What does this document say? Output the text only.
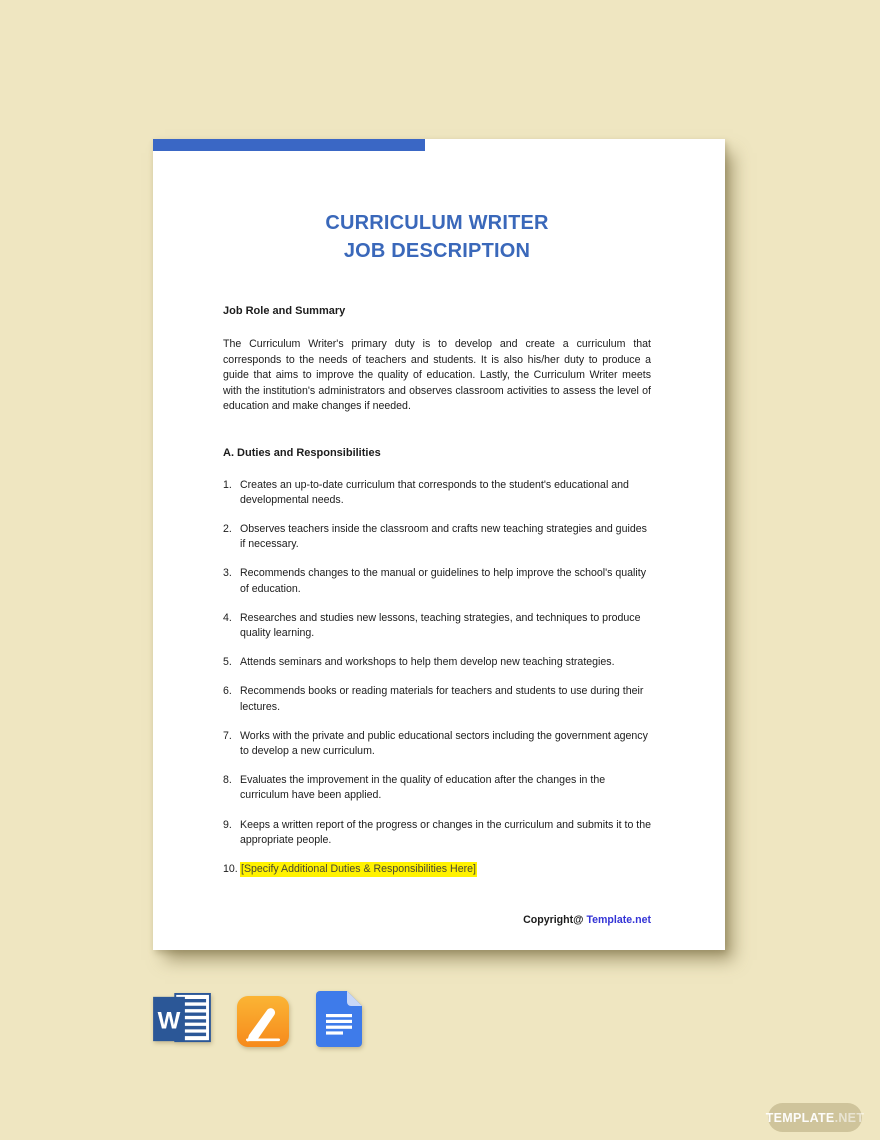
CURRICULUM WRITER
JOB DESCRIPTION
Job Role and Summary
The Curriculum Writer's primary duty is to develop and create a curriculum that corresponds to the needs of teachers and students. It is also his/her duty to produce a guide that aims to improve the quality of education. Lastly, the Curriculum Writer meets with the institution's administrators and observes classroom activities to assess the level of education and make changes if needed.
A. Duties and Responsibilities
1. Creates an up-to-date curriculum that corresponds to the student's educational and developmental needs.
2. Observes teachers inside the classroom and crafts new teaching strategies and guides if necessary.
3. Recommends changes to the manual or guidelines to help improve the school's quality of education.
4. Researches and studies new lessons, teaching strategies, and techniques to produce quality learning.
5. Attends seminars and workshops to help them develop new teaching strategies.
6. Recommends books or reading materials for teachers and students to use during their lectures.
7. Works with the private and public educational sectors including the government agency to develop a new curriculum.
8. Evaluates the improvement in the quality of education after the changes in the curriculum have been applied.
9. Keeps a written report of the progress or changes in the curriculum and submits it to the appropriate people.
10. [Specify Additional Duties & Responsibilities Here]
Copyright@ Template.net
W
TEMPLATE .NET
